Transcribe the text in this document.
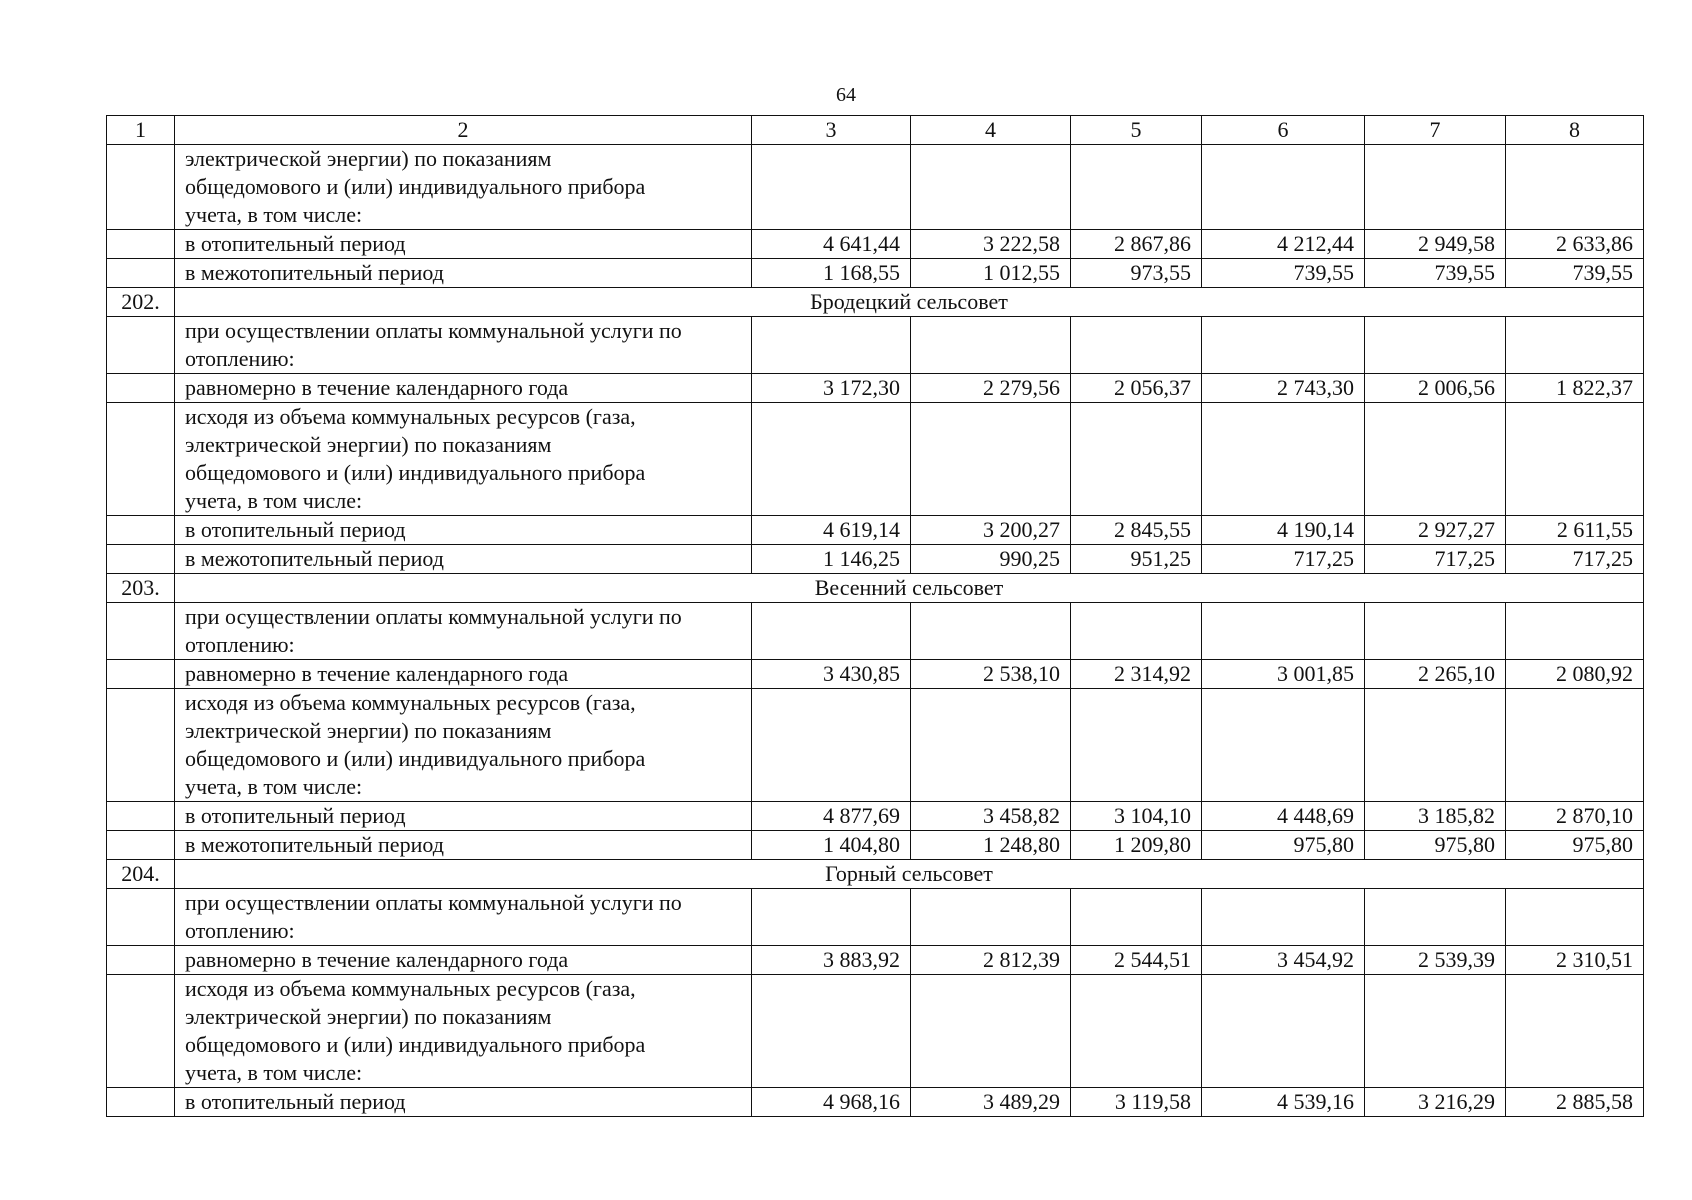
64
1	2	3	4	5	6	7	8

	электрической энергии) по показаниям
общедомового и (или) индивидуального прибора
учета, в том числе:						

	в отопительный период	4 641,44	3 222,58	2 867,86	4 212,44	2 949,58	2 633,86
	в межотопительный период	1 168,55	1 012,55	973,55	739,55	739,55	739,55
202.	Бродецкий сельсовет						

	при осуществлении оплаты коммунальной услуги по
отоплению:						

	равномерно в течение календарного года	3 172,30	2 279,56	2 056,37	2 743,30	2 006,56	1 822,37

	исходя из объема коммунальных ресурсов (газа,
электрической энергии) по показаниям
общедомового и (или) индивидуального прибора
учета, в том числе:						

	в отопительный период	4 619,14	3 200,27	2 845,55	4 190,14	2 927,27	2 611,55
	в межотопительный период	1 146,25	990,25	951,25	717,25	717,25	717,25
203.	Весенний сельсовет						

	при осуществлении оплаты коммунальной услуги по
отоплению:						

	равномерно в течение календарного года	3 430,85	2 538,10	2 314,92	3 001,85	2 265,10	2 080,92

	исходя из объема коммунальных ресурсов (газа,
электрической энергии) по показаниям
общедомового и (или) индивидуального прибора
учета, в том числе:						

	в отопительный период	4 877,69	3 458,82	3 104,10	4 448,69	3 185,82	2 870,10
	в межотопительный период	1 404,80	1 248,80	1 209,80	975,80	975,80	975,80
204.	Горный сельсовет						

	при осуществлении оплаты коммунальной услуги по
отоплению:						

	равномерно в течение календарного года	3 883,92	2 812,39	2 544,51	3 454,92	2 539,39	2 310,51

	исходя из объема коммунальных ресурсов (газа,
электрической энергии) по показаниям
общедомового и (или) индивидуального прибора
учета, в том числе:						

	в отопительный период	4 968,16	3 489,29	3 119,58	4 539,16	3 216,29	2 885,58
